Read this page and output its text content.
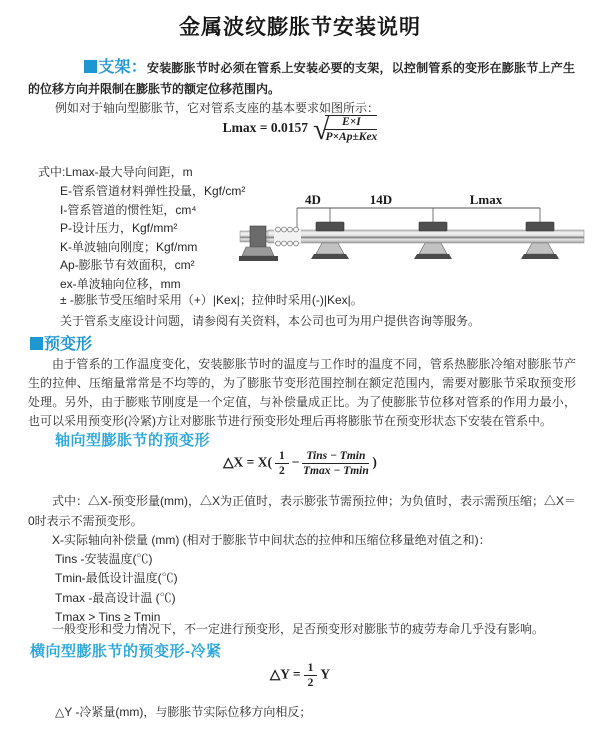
金属波纹膨胀节安装说明

支架：安装膨胀节时必须在管系上安装必要的支架，以控制管系的变形在膨胀节上产生的位移方向并限制在膨胀节的额定位移范围内。

例如对于轴向型膨胀节，它对管系支座的基本要求如图所示：

Lmax = 0.0157 √	E×I
P×Ap±Kex

式中:Lmax-最大导向间距，m

E-管系管道材料弹性投量，Kgf/cm²

I-管系管道的惯性矩，cm⁴

P-设计压力，Kgf/mm²

K-单波轴向刚度；Kgf/mm

Ap-膨胀节有效面积，cm²

ex-单波轴向位移，mm

4D	14D	Lmax

± -膨胀节受压缩时采用（+）|Kex|；拉伸时采用(-)|Kex|。

关于管系支座设计问题，请参阅有关资料，本公司也可为用户提供咨询等服务。

预变形

由于管系的工作温度变化，安装膨胀节时的温度与工作时的温度不同，管系热膨胀冷缩对膨胀节产生的拉伸、压缩量常常是不均等的，为了膨胀节变形范围控制在额定范围内，需要对膨胀节采取预变形处理。另外，由于膨账节刚度是一个定值，与补偿量成正比。为了使膨胀节位移对管系的作用力最小，也可以采用预变形(冷紧)方让对膨胀节进行预变形处理后再将膨胀节在预变形状态下安装在管系中。

轴向型膨胀节的预变形
△X = $X( \frac{1}{2} - \frac{\text{Tins − Tmin}}{Tmax - Tmin}$ )

式中：△X-预变形量(mm)，△X为正值时，表示膨张节需预拉伸；为负值时，表示需预压缩；△X＝0时表示不需预变形。

X-实际轴向补偿量 (mm) (相对于膨胀节中间状态的拉伸和压缩位移量绝对值之和)：

Tins -安装温度(℃)

Tmin-最低设计温度(℃)

Tmax -最高设计温 (℃)

Tmax > Tins ≥ Tmin

一般变形和受力情况下，不一定进行预变形，足否预变形对膨胀节的疲劳寿命几乎没有影响。

横向型膨胀节的预变形-冷紧
△Y = $\frac{1}{2}$ Y

△Y -冷紧量(mm)，与膨胀节实际位移方向相反；
